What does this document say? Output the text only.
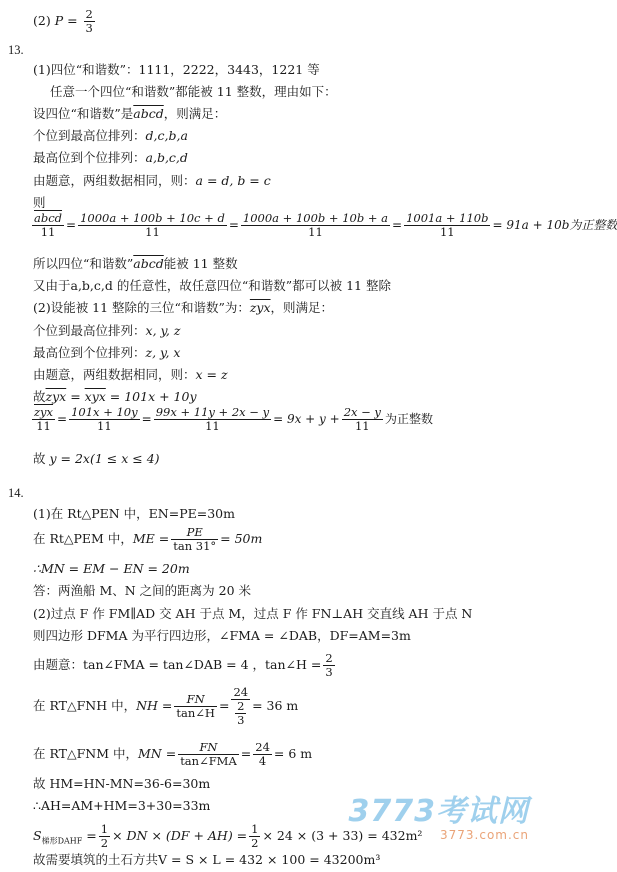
(2) $P = \frac{2}{3}$
13.
(1)四位“和谐数”：1111，2222，3443，1221 等
任意一个四位“和谐数”都能被 11 整数，理由如下：
设四位“和谐数”是abcd，则满足：
个位到最高位排列：d,c,b,a
最高位到个位排列：a,b,c,d
由题意，两组数据相同，则：a = d, b = c
则
$\frac{\text{abcd}}{11} = \frac{1000a + 100b + 10c + d}{11} = \frac{1000a + 100b + 10b + a}{11} = \frac{1001a + 110b}{11} = 91a + 10b$为正整数
所以四位“和谐数”abcd能被 11 整数
又由于a,b,c,d 的任意性，故任意四位“和谐数”都可以被 11 整除
(2)设能被 11 整除的三位“和谐数”为：$\overline{zyx}$，则满足：
个位到最高位排列：x, y, z
最高位到个位排列：z, y, x
由题意，两组数据相同，则：x = z
故$\overline{zyx} = \overline{xyx} = 101x + 10y$
$\frac{\overline{zyx}}{11} = \frac{101x + 10y}{11} = \frac{99x + 11y + 2x - y}{11} = 9x + y + \frac{2x - y}{11}$ 为正整数
故 y = 2x(1 ≤ x ≤ 4)
14.
(1)在 Rt△PEN 中，EN=PE=30m
在 Rt△PEM 中，ME = $\frac{PE}{\tan 31^\circ} = 50m$
∴MN = EM − EN = 20m
答：两渔船 M、N 之间的距离为 20 米
(2)过点 F 作 FM∥AD 交 AH 于点 M，过点 F 作 FN⊥AH 交直线 AH 于点 N
则四边形 DFMA 为平行四边形，∠FMA = ∠DAB，DF=AM=3m
由题意：tan∠FMA = tan∠DAB = 4 ，tan∠H = $\frac{2}{3}$
在 RT△FNH 中，NH = $\frac{FN}{\tan\angle H} = \frac{24}{\frac{2}{3}} = 36$ m
在 RT△FNM 中，MN = $\frac{FN}{\text{tan∠FMA}} = \frac{24}{4} = 6$ m
故 HM=HN-MN=36-6=30m
∴AH=AM+HM=3+30=33m
$S_{梯形DAHF} = \frac{1}{2}$ × DN × $(DF + AH) = \frac{1}{2} \times 24 \times (3 + 33) = 432m^2$
故需要填筑的土石方共V = S × L = 432 × 100 = 43200m³
3773考试网
3773.com.cn
